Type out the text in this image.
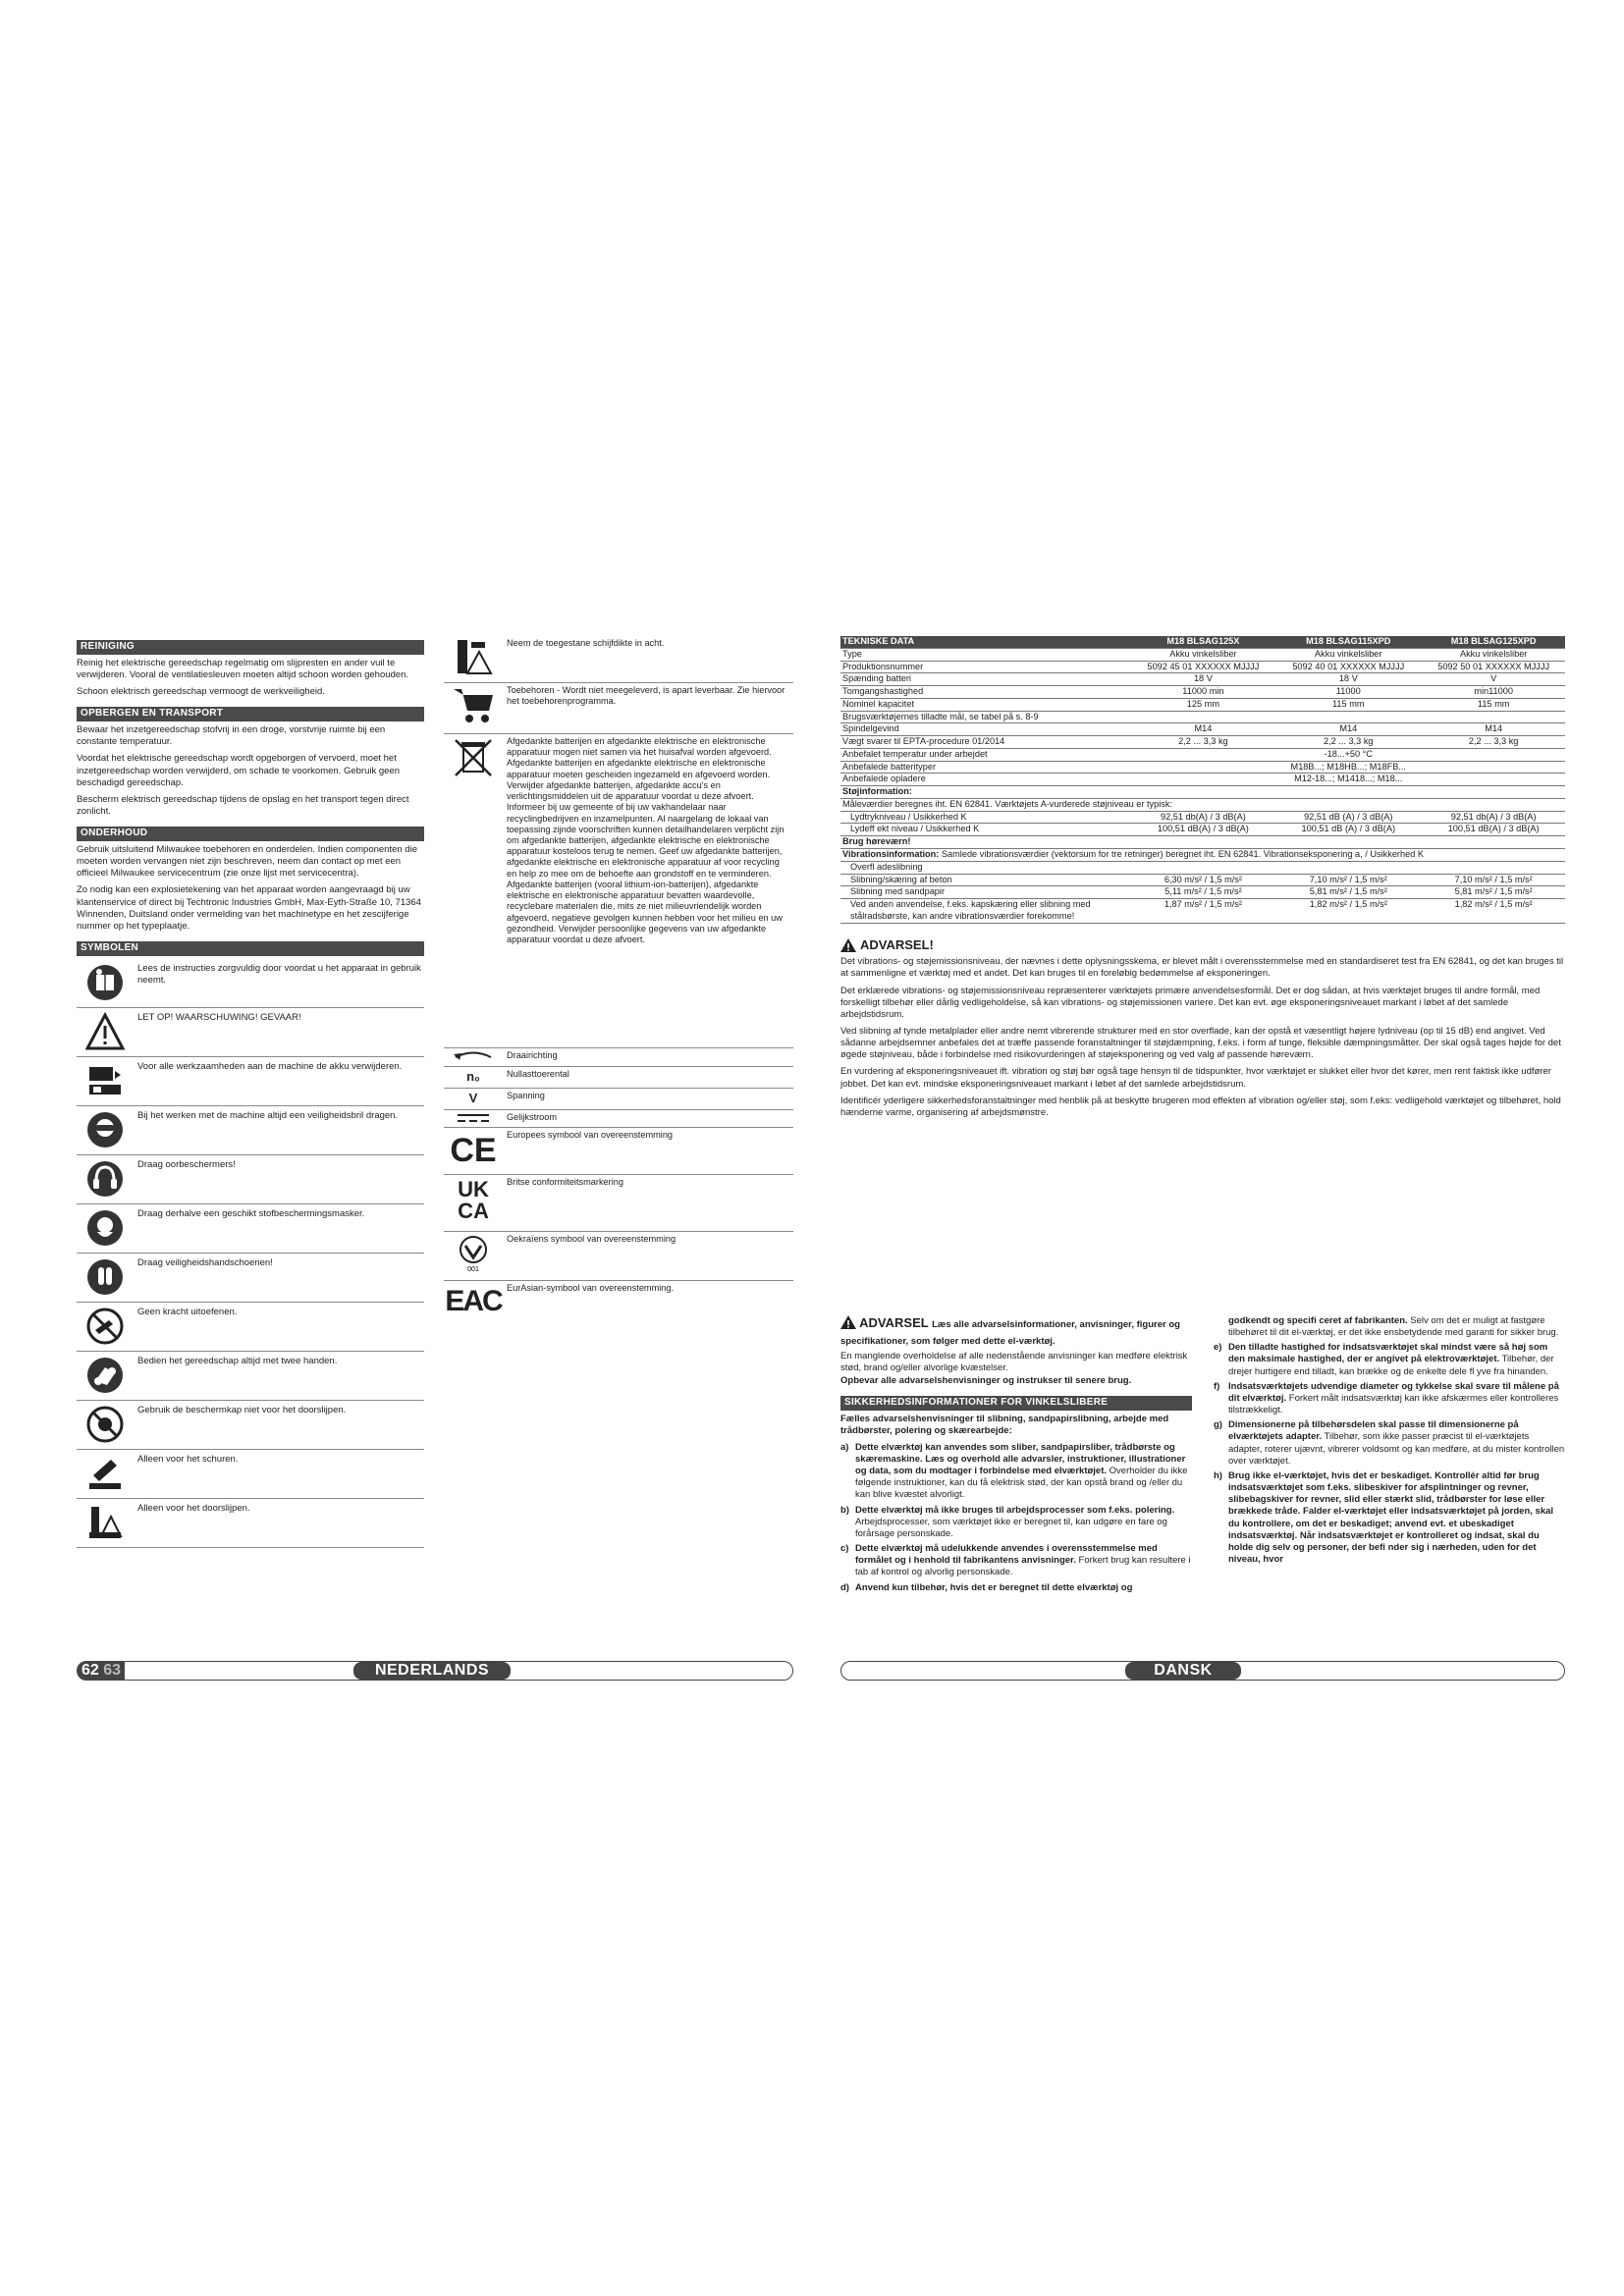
REINIGING

Reinig het elektrische gereedschap regelmatig om slijpresten en ander vuil te verwijderen. Vooral de ventilatiesleuven moeten altijd schoon worden gehouden.

Schoon elektrisch gereedschap vermoogt de werkveiligheid.

OPBERGEN EN TRANSPORT

Bewaar het inzetgereedschap stofvrij in een droge, vorstvrije ruimte bij een constante temperatuur.

Voordat het elektrische gereedschap wordt opgeborgen of vervoerd, moet het inzetgereedschap worden verwijderd, om schade te voorkomen. Gebruik geen beschadigd gereedschap.

Bescherm elektrisch gereedschap tijdens de opslag en het transport tegen direct zonlicht.

ONDERHOUD

Gebruik uitsluitend Milwaukee toebehoren en onderdelen. Indien componenten die moeten worden vervangen niet zijn beschreven, neem dan contact op met een officieel Milwaukee servicecentrum (zie onze lijst met servicecentra).

Zo nodig kan een explosietekening van het apparaat worden aangevraagd bij uw klantenservice of direct bij Techtronic Industries GmbH, Max-Eyth-Straße 10, 71364 Winnenden, Duitsland onder vermelding van het machinetype en het zescijferige nummer op het typeplaatje.

SYMBOLEN
Lees de instructies zorgvuldig door voordat u het apparaat in gebruik neemt.
LET OP! WAARSCHUWING! GEVAAR!
Voor alle werkzaamheden aan de machine de akku verwijderen.
Bij het werken met de machine altijd een veiligheidsbril dragen.
Draag oorbeschermers!
Draag derhalve een geschikt stofbeschermingsmasker.
Draag veiligheidshandschoenen!
Geen kracht uitoefenen.
Bedien het gereedschap altijd met twee handen.
Gebruik de beschermkap niet voor het doorslijpen.
Alleen voor het schuren.
Alleen voor het doorslijpen.
Neem de toegestane schijfdikte in acht.
Toebehoren - Wordt niet meegeleverd, is apart leverbaar. Zie hiervoor het toebehorenprogramma.
Afgedankte batterijen en afgedankte elektrische en elektronische apparatuur mogen niet samen via het huisafval worden afgevoerd. Afgedankte batterijen en afgedankte elektrische en elektronische apparatuur moeten gescheiden ingezameld en afgevoerd worden. Verwijder afgedankte batterijen, afgedankte accu's en verlichtingsmiddelen uit de apparatuur voordat u deze afvoert. Informeer bij uw gemeente of bij uw vakhandelaar naar recyclingbedrijven en inzamelpunten. Al naargelang de lokaal van toepassing zijnde voorschriften kunnen detailhandelaren verplicht zijn om afgedankte batterijen, afgedankte elektrische en elektronische apparatuur kosteloos terug te nemen. Geef uw afgedankte batterijen, afgedankte elektrische en elektronische apparatuur af voor recycling en help zo mee om de behoefte aan grondstoff en te verminderen. Afgedankte batterijen (vooral lithium-ion-batterijen), afgedankte elektrische en elektronische apparatuur bevatten waardevolle, recyclebare materialen die, mits ze niet milieuvriendelijk worden afgevoerd, negatieve gevolgen kunnen hebben voor het milieu en uw gezondheid. Verwijder persoonlijke gegevens van uw afgedankte apparatuur voordat u deze afvoert.
Draairichting
n₀	Nullasttoerental
V	Spanning
Gelijkstroom
CE	Europees symbool van overeenstemming
UK
CA
Britse conformiteitsmarkering
001
Oekraïens symbool van overeenstemming
EAC EurAsian-symbool van overeenstemming.
TEKNISKE DATA	M18 BLSAG125X	M18 BLSAG115XPD	M18 BLSAG125XPD
Type	Akku vinkelsliber	Akku vinkelsliber	Akku vinkelsliber
Produktionsnummer	5092 45 01 XXXXXX MJJJJ	5092 40 01 XXXXXX MJJJJ	5092 50 01 XXXXXX MJJJJ
Spænding batteri	18 V	18 V	V
Tomgangshastighed	11000 min	11000	min11000
Nominel kapacitet	125 mm	115 mm	115 mm
Brugsværktøjernes tilladte mål, se tabel på s. 8-9			
Spindelgevind	M14	M14	M14
Vægt svarer til EPTA-procedure 01/2014	2,2 ... 3,3 kg	2,2 ... 3,3 kg	2,2 ... 3,3 kg
Anbefalet temperatur under arbejdet		-18...+50 °C	
Anbefalede batterityper		M18B...; M18HB...; M18FB...	
Anbefalede opladere		M12-18...; M1418...; M18...	
Støjinformation:			
Måleværdier beregnes iht. EN 62841. Værktøjets A-vurderede støjniveau er typisk:			
Lydtrykniveau / Usikkerhed K	92,51 db(A) / 3 dB(A)	92,51 dB (A) / 3 dB(A)	92,51 db(A) / 3 dB(A)
Lydeff ekt niveau / Usikkerhed K	100,51 dB(A) / 3 dB(A)	100,51 dB (A) / 3 dB(A)	100,51 dB(A) / 3 dB(A)
Brug høreværn!			
Vibrationsinformation: Samlede vibrationsværdier (vektorsum for tre retninger) beregnet iht. EN 62841. Vibrationseksponering a, / Usikkerhed K			
Overfl adeslibning			
Slibning/skæring af beton	6,30 m/s² / 1,5 m/s²	7,10 m/s² / 1,5 m/s²	7,10 m/s² / 1,5 m/s²
Slibning med sandpapir	5,11 m/s² / 1,5 m/s²	5,81 m/s² / 1,5 m/s²	5,81 m/s² / 1,5 m/s²
Ved anden anvendelse, f.eks. kapskæring eller slibning med stålradsbørste, kan andre vibrationsværdier forekomme!	1,87 m/s² / 1,5 m/s²	1,82 m/s² / 1,5 m/s²	1,82 m/s² / 1,5 m/s²
ADVARSEL!

Det vibrations- og støjemissionsniveau, der nævnes i dette oplysningsskema, er blevet målt i overensstemmelse med en standardiseret test fra EN 62841, og det kan bruges til at sammenligne et værktøj med et andet. Det kan bruges til en foreløbig bedømmelse af eksponeringen.

Det erklærede vibrations- og støjemissionsniveau repræsenterer værktøjets primære anvendelsesformål. Det er dog sådan, at hvis værktøjet bruges til andre formål, med forskelligt tilbehør eller dårlig vedligeholdelse, så kan vibrations- og støjemissionen variere. Det kan evt. øge eksponeringsniveauet markant i løbet af det samlede arbejdstidsrum.

Ved slibning af tynde metalplader eller andre nemt vibrerende strukturer med en stor overflade, kan der opstå et væsentligt højere lydniveau (op til 15 dB) end angivet. Ved sådanne arbejdsemner anbefales det at træffe passende foranstaltninger til støjdæmpning, f.eks. i form af tunge, fleksible dæmpningsmåtter. Der skal også tages højde for det øgede støjniveau, både i forbindelse med risikovurderingen af støjeksponering og ved valg af passende høreværn.

En vurdering af eksponeringsniveauet ift. vibration og støj bør også tage hensyn til de tidspunkter, hvor værktøjet er slukket eller hvor det kører, men rent faktisk ikke udfører jobbet. Det kan evt. mindske eksponeringsniveauet markant i løbet af det samlede arbejdstidsrum.

Identificér yderligere sikkerhedsforanstaltninger med henblik på at beskytte brugeren mod effekten af vibration og/eller støj, som f.eks: vedligehold værktøjet og tilbehøret, hold hænderne varme, organisering af arbejdsmønstre.

ADVARSEL Læs alle advarselsinformationer, anvisninger, figurer og specifikationer, som følger med dette el-værktøj.

En manglende overholdelse af alle nedenstående anvisninger kan medføre elektrisk stød, brand og/eller alvorlige kvæstelser.

Opbevar alle advarselshenvisninger og instrukser til senere brug.

SIKKERHEDSINFORMATIONER FOR VINKELSLIBERE

Fælles advarselshenvisninger til slibning, sandpapirslibning, arbejde med trådbørster, polering og skærearbejde:

a) Dette elværktøj kan anvendes som sliber, sandpapirsliber, trådbørste og skæremaskine. Læs og overhold alle advarsler, instruktioner, illustrationer og data, som du modtager i forbindelse med elværktøjet. Overholder du ikke følgende instruktioner, kan du få elektrisk stød, der kan opstå brand og /eller du kan blive kvæstet alvorligt.
b) Dette elværktøj må ikke bruges til arbejdsprocesser som f.eks. polering. Arbejdsprocesser, som værktøjet ikke er beregnet til, kan udgøre en fare og forårsage personskade.
c) Dette elværktøj må udelukkende anvendes i overensstemmelse med formålet og i henhold til fabrikantens anvisninger. Forkert brug kan resultere i tab af kontrol og alvorlig personskade.
d) Anvend kun tilbehør, hvis det er beregnet til dette elværktøj og
godkendt og specifi ceret af fabrikanten. Selv om det er muligt at fastgøre tilbehøret til dit el-værktøj, er det ikke ensbetydende med garanti for sikker brug.
e) Den tilladte hastighed for indsatsværktøjet skal mindst være så høj som den maksimale hastighed, der er angivet på elektroværktøjet. Tilbehør, der drejer hurtigere end tilladt, kan brække og de enkelte dele fl yve fra hinanden.
f) Indsatsværktøjets udvendige diameter og tykkelse skal svare til målene på dit elværktøj. Forkert målt indsatsværktøj kan ikke afskærmes eller kontrolleres tilstrækkeligt.
g) Dimensionerne på tilbehørsdelen skal passe til dimensionerne på elværktøjets adapter. Tilbehør, som ikke passer præcist til el-værktøjets adapter, roterer ujævnt, vibrerer voldsomt og kan medføre, at du mister kontrollen over værktøjet.
h) Brug ikke el-værktøjet, hvis det er beskadiget. Kontrollér altid før brug indsatsværktøjet som f.eks. slibeskiver for afsplintninger og revner, slibebagskiver for revner, slid eller stærkt slid, trådbørster for løse eller brækkede tråde. Falder el-værktøjet eller indsatsværktøjet på jorden, skal du kontrollere, om det er beskadiget; anvend evt. et ubeskadiget indsatsværktøj. Når indsatsværktøjet er kontrolleret og indsat, skal du holde dig selv og personer, der befi nder sig i nærheden, uden for det niveau, hvor
62 63	NEDERLANDS	DANSK
